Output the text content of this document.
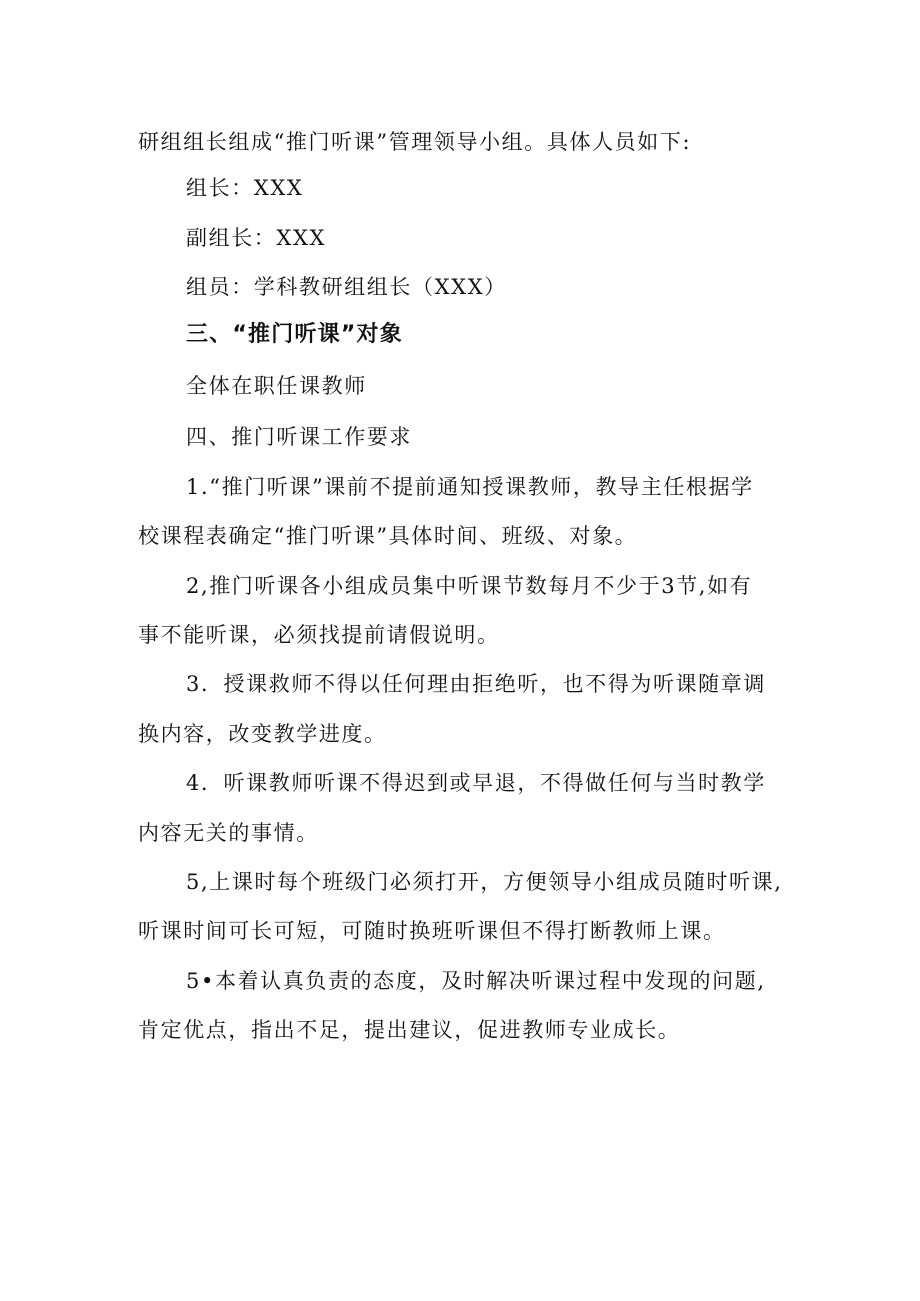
研组组长组成“推门听课”管理领导小组。具体人员如下:
组长：XXX
副组长：XXX
组员：学科教研组组长（XXX）
三、“推门听课”对象
全体在职任课教师
四、推门听课工作要求
1.“推门听课”课前不提前通知授课教师，教导主任根据学
校课程表确定“推门听课”具体时间、班级、对象。
2,推门听课各小组成员集中听课节数每月不少于3节,如有
事不能听课，必须找提前请假说明。
3．授课救师不得以任何理由拒绝听，也不得为听课随章调
换内容，改变教学进度。
4．听课教师听课不得迟到或早退，不得做任何与当时教学
内容无关的事情。
5,上课时每个班级门必须打开，方便领导小组成员随时听课,
听课时间可长可短，可随时换班听课但不得打断教师上课。
5•本着认真负责的态度，及时解决听课过程中发现的问题,
肯定优点，指出不足，提出建议，促进教师专业成长。
